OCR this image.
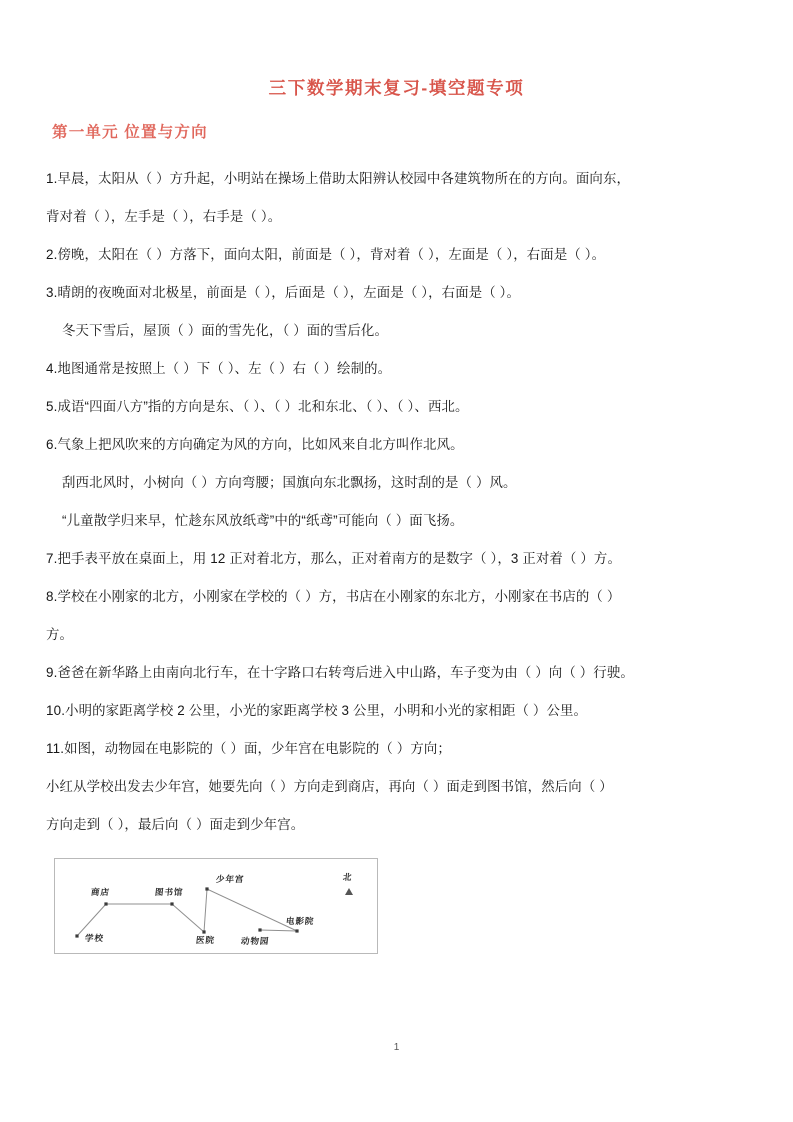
三下数学期末复习-填空题专项
第一单元 位置与方向
1.早晨，太阳从（ ）方升起，小明站在操场上借助太阳辨认校园中各建筑物所在的方向。面向东，
背对着（ ），左手是（ ），右手是（ ）。
2.傍晚，太阳在（ ）方落下，面向太阳，前面是（ ），背对着（ ），左面是（ ），右面是（ ）。
3.晴朗的夜晚面对北极星，前面是（ ），后面是（ ），左面是（ ），右面是（ ）。
冬天下雪后，屋顶（ ）面的雪先化，（ ）面的雪后化。
4.地图通常是按照上（ ）下（ ）、左（ ）右（ ）绘制的。
5.成语“四面八方”指的方向是东、（ ）、（ ）北和东北、（ ）、（ ）、西北。
6.气象上把风吹来的方向确定为风的方向，比如风来自北方叫作北风。
刮西北风时，小树向（ ）方向弯腰；国旗向东北飘扬，这时刮的是（ ）风。
“儿童散学归来早，忙趁东风放纸鸢”中的“纸鸢”可能向（ ）面飞扬。
7.把手表平放在桌面上，用 12 正对着北方，那么，正对着南方的是数字（ ），3 正对着（ ）方。
8.学校在小刚家的北方，小刚家在学校的（ ）方，书店在小刚家的东北方，小刚家在书店的（ ）
方。
9.爸爸在新华路上由南向北行车，在十字路口右转弯后进入中山路，车子变为由（ ）向（ ）行驶。
10.小明的家距离学校 2 公里，小光的家距离学校 3 公里，小明和小光的家相距（ ）公里。
11.如图，动物园在电影院的（ ）面，少年宫在电影院的（ ）方向；
小红从学校出发去少年宫，她要先向（ ）方向走到商店，再向（ ）面走到图书馆，然后向（ ）
方向走到（ ），最后向（ ）面走到少年宫。
北
学校
商店	图书馆
医院
少年宫
动物园
电影院
1
